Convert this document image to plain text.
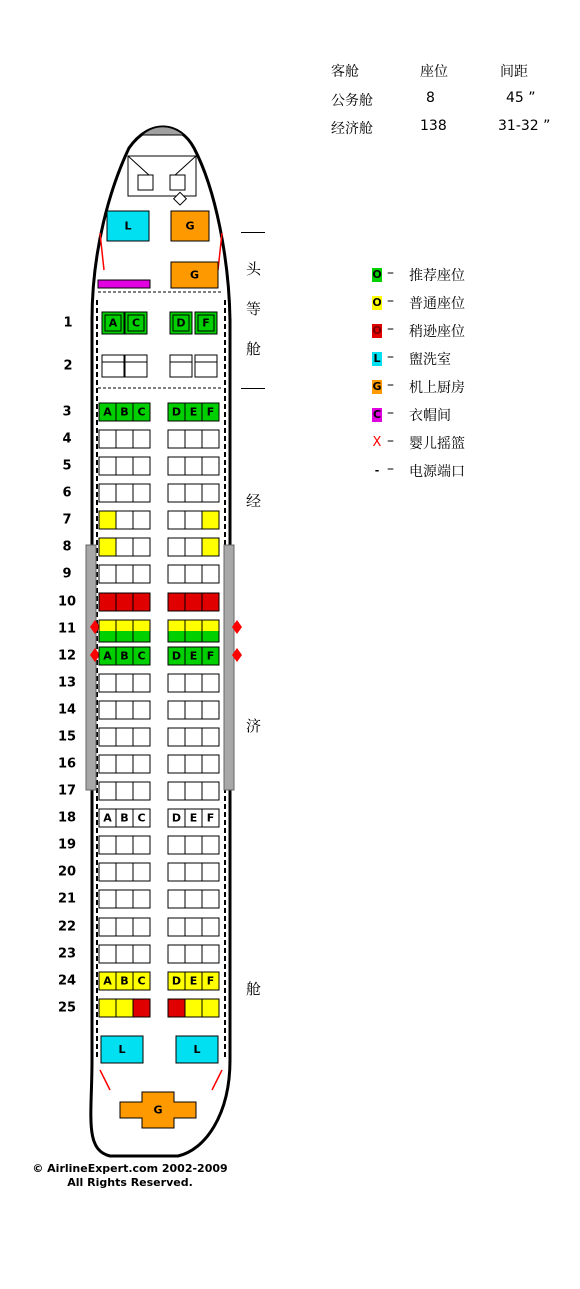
客舱	座位	间距
公务舱	8	45 ”
经济舱	138	31-32 ”
O – 推荐座位
O – 普通座位
O – 稍逊座位
L – 盥洗室
G – 机上厨房
C – 衣帽间
X – 婴儿摇篮
- – 电源端口
头
等
舱
经
济
舱
L	G
G
L	L
G
1	A C	D F
2
3	A B C D E F
4
5
6
7
8
9
10
11
12 A B C D E F
13
14
15
16
17
18 A B C D E F
19
20
21
22
23
24 A B C D E F
25
© AirlineExpert.com 2002-2009
All Rights Reserved.
